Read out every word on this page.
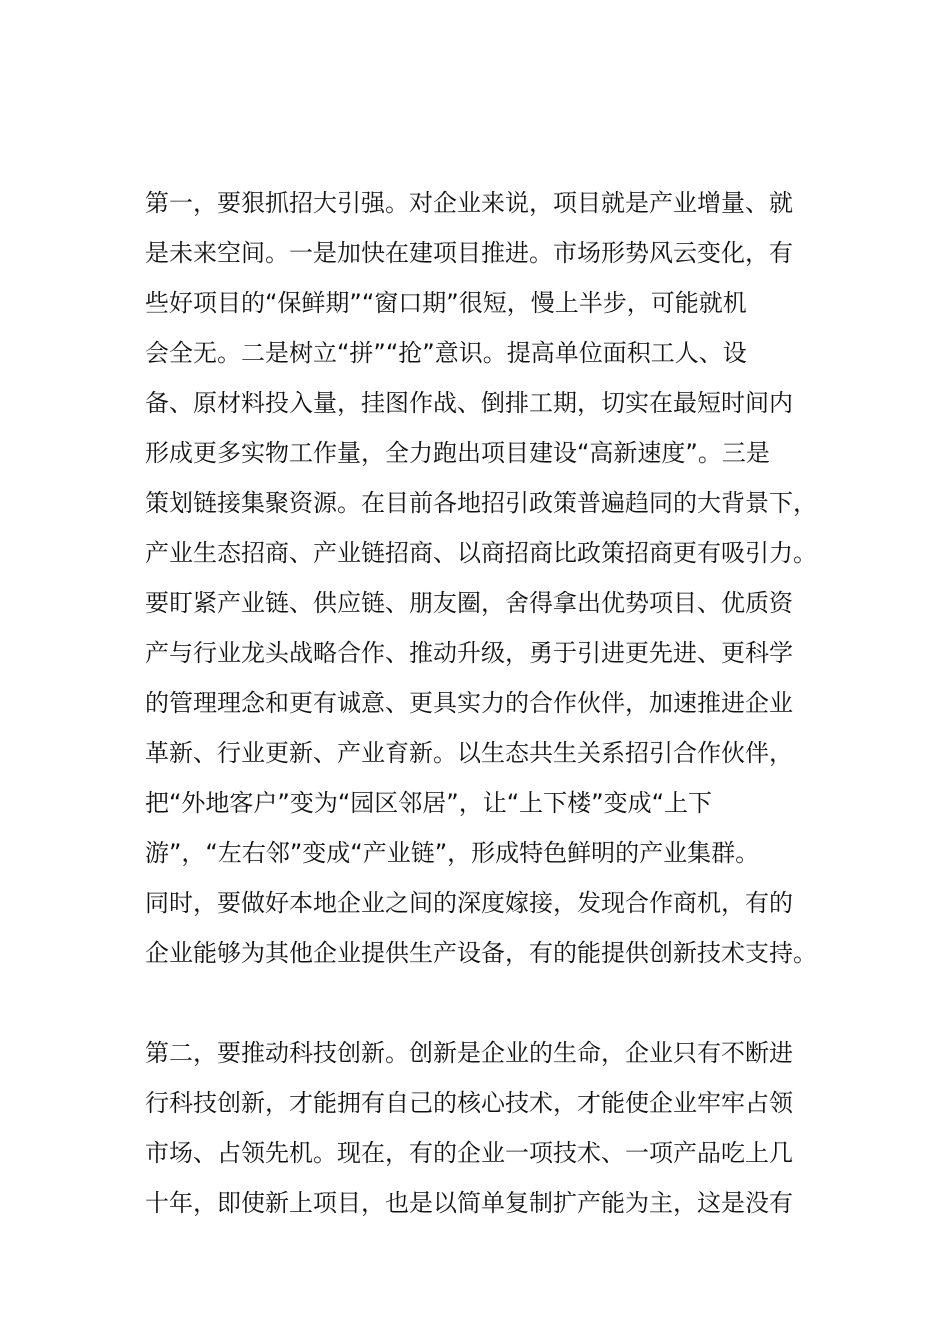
第一，要狠抓招大引强。对企业来说，项目就是产业增量、就
是未来空间。一是加快在建项目推进。市场形势风云变化，有
些好项目的“保鲜期”“窗口期”很短，慢上半步，可能就机
会全无。二是树立“拼”“抢”意识。提高单位面积工人、设
备、原材料投入量，挂图作战、倒排工期，切实在最短时间内
形成更多实物工作量，全力跑出项目建设“高新速度”。三是
策划链接集聚资源。在目前各地招引政策普遍趋同的大背景下，
产业生态招商、产业链招商、以商招商比政策招商更有吸引力。
要盯紧产业链、供应链、朋友圈，舍得拿出优势项目、优质资
产与行业龙头战略合作、推动升级，勇于引进更先进、更科学
的管理理念和更有诚意、更具实力的合作伙伴，加速推进企业
革新、行业更新、产业育新。以生态共生关系招引合作伙伴，
把“外地客户”变为“园区邻居”，让“上下楼”变成“上下
游”，“左右邻”变成“产业链”，形成特色鲜明的产业集群。
同时，要做好本地企业之间的深度嫁接，发现合作商机，有的
企业能够为其他企业提供生产设备，有的能提供创新技术支持。
第二，要推动科技创新。创新是企业的生命，企业只有不断进
行科技创新，才能拥有自己的核心技术，才能使企业牢牢占领
市场、占领先机。现在，有的企业一项技术、一项产品吃上几
十年，即使新上项目，也是以简单复制扩产能为主，这是没有
